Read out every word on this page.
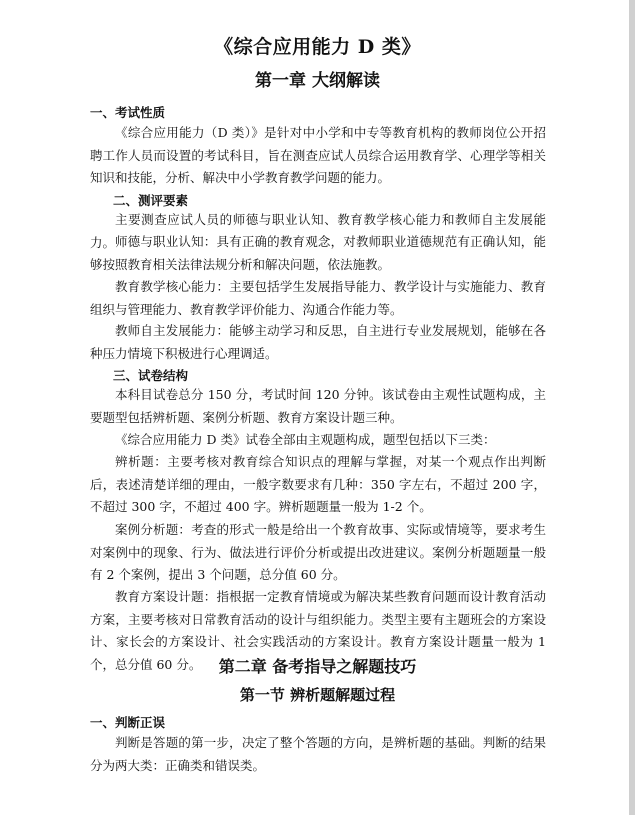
《综合应用能力 D 类》
第一章 大纲解读
一、考试性质
《综合应用能力（D 类）》是针对中小学和中专等教育机构的教师岗位公开招聘工作人员而设置的考试科目，旨在测查应试人员综合运用教育学、心理学等相关知识和技能，分析、解决中小学教育教学问题的能力。
二、测评要素
主要测查应试人员的师德与职业认知、教育教学核心能力和教师自主发展能力。 师德与职业认知：具有正确的教育观念，对教师职业道德规范有正确认知，能够按照教育相关法律法规分析和解决问题，依法施教。
教育教学核心能力：主要包括学生发展指导能力、教学设计与实施能力、教育组织与管理能力、教育教学评价能力、沟通合作能力等。
教师自主发展能力：能够主动学习和反思，自主进行专业发展规划，能够在各种压力情境下积极进行心理调适。
三、试卷结构
本科目试卷总分 150 分，考试时间 120 分钟。该试卷由主观性试题构成，主要题型包括辨析题、案例分析题、教育方案设计题三种。
《综合应用能力 D 类》试卷全部由主观题构成，题型包括以下三类：
辨析题：主要考核对教育综合知识点的理解与掌握，对某一个观点作出判断后，表述清楚详细的理由，一般字数要求有几种：350 字左右，不超过 200 字，不超过 300 字，不超过 400 字。辨析题题量一般为 1-2 个。
案例分析题：考查的形式一般是给出一个教育故事、实际或情境等，要求考生对案例中的现象、行为、做法进行评价分析或提出改进建议。案例分析题题量一般有 2 个案例，提出 3 个问题，总分值 60 分。
教育方案设计题：指根据一定教育情境或为解决某些教育问题而设计教育活动方案，主要考核对日常教育活动的设计与组织能力。类型主要有主题班会的方案设计、家长会的方案设计、社会实践活动的方案设计。教育方案设计题量一般为 1 个，总分值 60 分。	第二章 备考指导之解题技巧
第一节 辨析题解题过程
一、判断正误
判断是答题的第一步，决定了整个答题的方向，是辨析题的基础。判断的结果分为两大类：正确类和错误类。
